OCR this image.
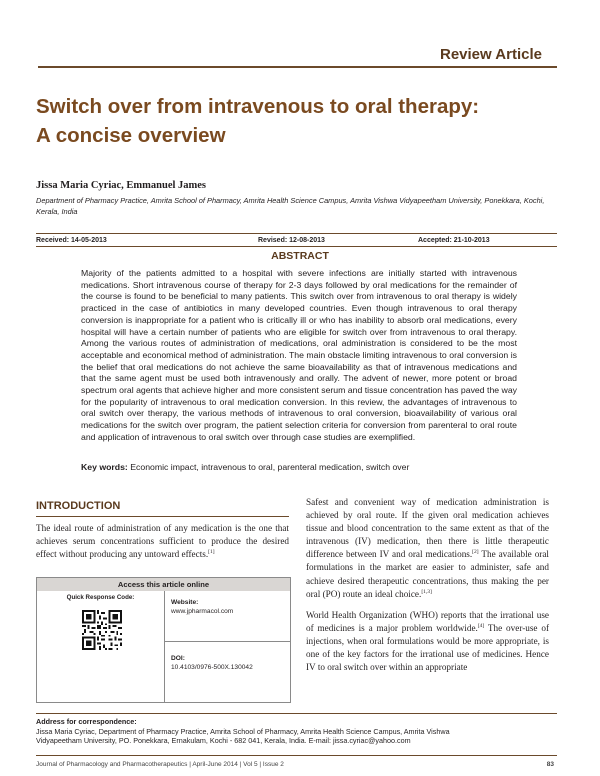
Review Article
Switch over from intravenous to oral therapy:
A concise overview
Jissa Maria Cyriac, Emmanuel James
Department of Pharmacy Practice, Amrita School of Pharmacy, Amrita Health Science Campus, Amrita Vishwa Vidyapeetham University, Ponekkara, Kochi, Kerala, India
Received: 14-05-2013	Revised: 12-08-2013	Accepted: 21-10-2013
ABSTRACT

Majority of the patients admitted to a hospital with severe infections are initially started with intravenous medications. Short intravenous course of therapy for 2-3 days followed by oral medications for the remainder of the course is found to be beneficial to many patients. This switch over from intravenous to oral therapy is widely practiced in the case of antibiotics in many developed countries. Even though intravenous to oral therapy conversion is inappropriate for a patient who is critically ill or who has inability to absorb oral medications, every hospital will have a certain number of patients who are eligible for switch over from intravenous to oral therapy. Among the various routes of administration of medications, oral administration is considered to be the most acceptable and economical method of administration. The main obstacle limiting intravenous to oral conversion is the belief that oral medications do not achieve the same bioavailability as that of intravenous medications and that the same agent must be used both intravenously and orally. The advent of newer, more potent or broad spectrum oral agents that achieve higher and more consistent serum and tissue concentration has paved the way for the popularity of intravenous to oral medication conversion. In this review, the advantages of intravenous to oral switch over therapy, the various methods of intravenous to oral conversion, bioavailability of various oral medications for the switch over program, the patient selection criteria for conversion from parenteral to oral route and application of intravenous to oral switch over through case studies are exemplified.

Key words: Economic impact, intravenous to oral, parenteral medication, switch over
INTRODUCTION

The ideal route of administration of any medication is the one that achieves serum concentrations sufficient to produce the desired effect without producing any untoward effects.[1]

Access this article online
Quick Response Code:
Website:
www.jpharmacol.com
DOI:
10.4103/0976-500X.130042

Safest and convenient way of medication administration is achieved by oral route. If the given oral medication achieves tissue and blood concentration to the same extent as that of the intravenous (IV) medication, then there is little therapeutic difference between IV and oral medications.[2] The available oral formulations in the market are easier to administer, safe and achieve desired therapeutic concentrations, thus making the per oral (PO) route an ideal choice.[1,3]

World Health Organization (WHO) reports that the irrational use of medicines is a major problem worldwide.[4] The over-use of injections, when oral formulations would be more appropriate, is one of the key factors for the irrational use of medicines. Hence IV to oral switch over within an appropriate

Address for correspondence:
Jissa Maria Cyriac, Department of Pharmacy Practice, Amrita School of Pharmacy, Amrita Health Science Campus, Amrita Vishwa
Vidyapeetham University, PO. Ponekkara, Ernakulam, Kochi - 682 041, Kerala, India. E-mail: jissa.cyriac@yahoo.com
Journal of Pharmacology and Pharmacotherapeutics | April-June 2014 | Vol 5 | Issue 2	83
